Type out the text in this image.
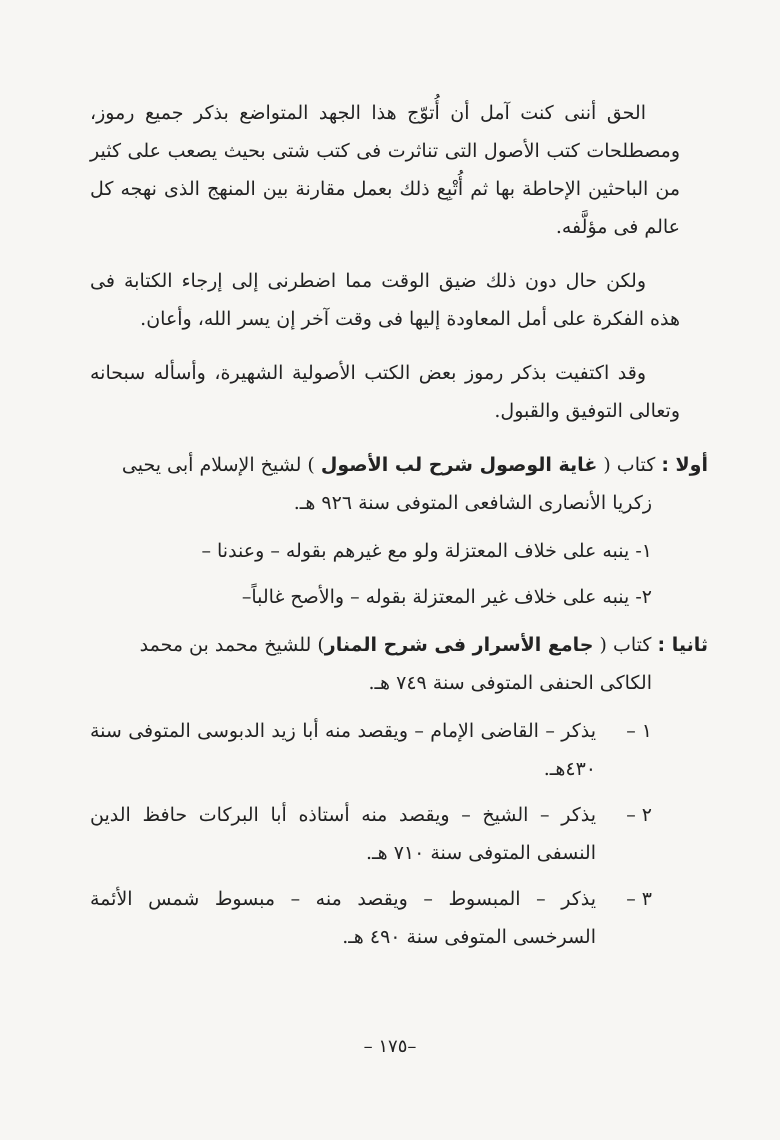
الحق أننى كنت آمل أن أُتوّج هذا الجهد المتواضع بذكر جميع رموز، ومصطلحات كتب الأصول التى تناثرت فى كتب شتى بحيث يصعب على كثير من الباحثين الإحاطة بها ثم أُتْبِع ذلك بعمل مقارنة بين المنهج الذى نهجه كل عالم فى مؤلَّفه.

ولكن حال دون ذلك ضيق الوقت مما اضطرنى إلى إرجاء الكتابة فى هذه الفكرة على أمل المعاودة إليها فى وقت آخر إن يسر الله، وأعان.

وقد اكتفيت بذكر رموز بعض الكتب الأصولية الشهيرة، وأسأله سبحانه وتعالى التوفيق والقبول.

أولا : كتاب ( غاية الوصول شرح لب الأصول ) لشيخ الإسلام أبى يحيى
زكريا الأنصارى الشافعى المتوفى سنة ٩٢٦ هـ.
١- ينبه على خلاف المعتزلة ولو مع غيرهم بقوله – وعندنا –
٢- ينبه على خلاف غير المعتزلة بقوله – والأصح غالباً–
ثانيا : كتاب ( جامع الأسرار فى شرح المنار) للشيخ محمد بن محمد
الكاكى الحنفى المتوفى سنة ٧٤٩ هـ.
١ –
يذكر – القاضى الإمام – ويقصد منه أبا زيد الدبوسى المتوفى سنة ٤٣٠هـ.
٢ –
يذكر – الشيخ – ويقصد منه أستاذه أبا البركات حافظ الدين النسفى المتوفى سنة ٧١٠ هـ.
٣ –
يذكر – المبسوط – ويقصد منه – مبسوط شمس الأئمة السرخسى المتوفى سنة ٤٩٠ هـ.
–١٧٥ –
